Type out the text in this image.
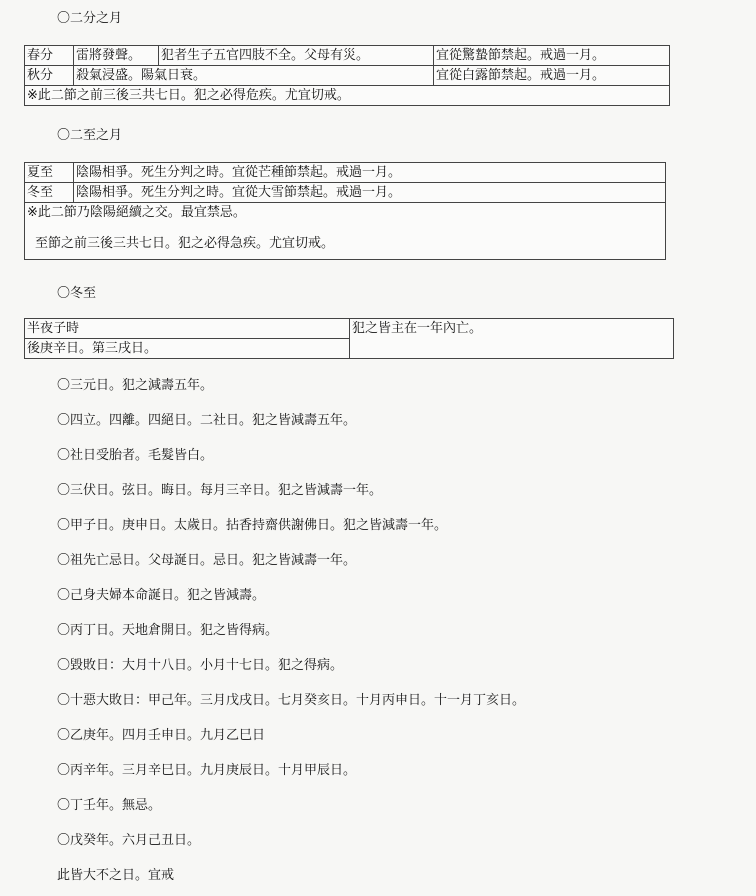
〇二分之月
春分	雷將發聲。	犯者生子五官四肢不全。父母有災。	宜從驚蟄節禁起。戒過一月。
秋分	殺氣浸盛。陽氣日衰。		宜從白露節禁起。戒過一月。
※此二節之前三後三共七日。犯之必得危疾。尤宜切戒。			
〇二至之月
夏至	陰陽相爭。死生分判之時。宜從芒種節禁起。戒過一月。
冬至	陰陽相爭。死生分判之時。宜從大雪節禁起。戒過一月。

※此二節乃陰陽絕續之交。最宜禁忌。
至節之前三後三共七日。犯之必得急疾。尤宜切戒。	
〇冬至
半夜子時	犯之皆主在一年內亡。
後庚辛日。第三戌日。
〇三元日。犯之減壽五年。
〇四立。四離。四絕日。二社日。犯之皆減壽五年。
〇社日受胎者。毛髮皆白。
〇三伏日。弦日。晦日。每月三辛日。犯之皆減壽一年。
〇甲子日。庚申日。太歲日。拈香持齋供謝佛日。犯之皆減壽一年。
〇祖先亡忌日。父母誕日。忌日。犯之皆減壽一年。
〇己身夫婦本命誕日。犯之皆減壽。
〇丙丁日。天地倉開日。犯之皆得病。
〇毀敗日：大月十八日。小月十七日。犯之得病。
〇十惡大敗日：甲己年。三月戊戌日。七月癸亥日。十月丙申日。十一月丁亥日。
〇乙庚年。四月壬申日。九月乙巳日
〇丙辛年。三月辛巳日。九月庚辰日。十月甲辰日。
〇丁壬年。無忌。
〇戊癸年。六月己丑日。
此皆大不之日。宜戒
